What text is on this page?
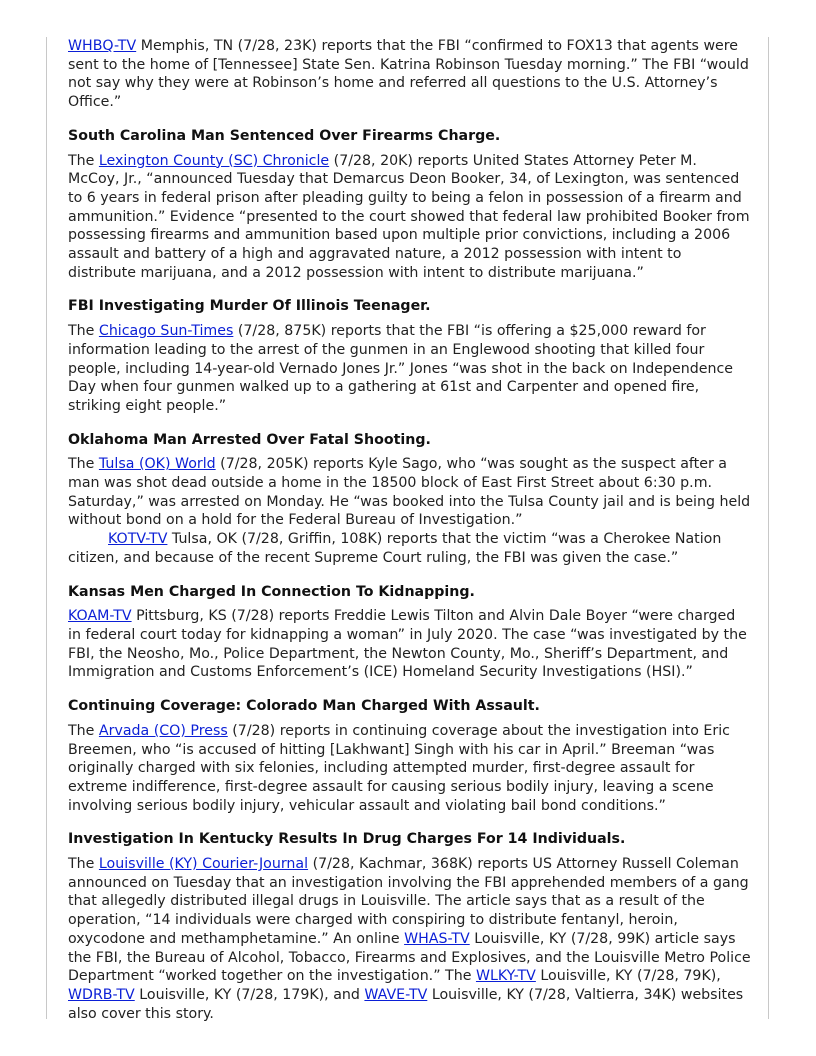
WHBQ-TV Memphis, TN (7/28, 23K) reports that the FBI “confirmed to FOX13 that agents were sent to the home of [Tennessee] State Sen. Katrina Robinson Tuesday morning.” The FBI “would not say why they were at Robinson’s home and referred all questions to the U.S. Attorney’s Office.”

South Carolina Man Sentenced Over Firearms Charge.

The Lexington County (SC) Chronicle (7/28, 20K) reports United States Attorney Peter M. McCoy, Jr., “announced Tuesday that Demarcus Deon Booker, 34, of Lexington, was sentenced to 6 years in federal prison after pleading guilty to being a felon in possession of a firearm and ammunition.” Evidence “presented to the court showed that federal law prohibited Booker from possessing firearms and ammunition based upon multiple prior convictions, including a 2006 assault and battery of a high and aggravated nature, a 2012 possession with intent to distribute marijuana, and a 2012 possession with intent to distribute marijuana.”

FBI Investigating Murder Of Illinois Teenager.

The Chicago Sun-Times (7/28, 875K) reports that the FBI “is offering a $25,000 reward for information leading to the arrest of the gunmen in an Englewood shooting that killed four people, including 14-year-old Vernado Jones Jr.” Jones “was shot in the back on Independence Day when four gunmen walked up to a gathering at 61st and Carpenter and opened fire, striking eight people.”

Oklahoma Man Arrested Over Fatal Shooting.

The Tulsa (OK) World (7/28, 205K) reports Kyle Sago, who “was sought as the suspect after a man was shot dead outside a home in the 18500 block of East First Street about 6:30 p.m. Saturday,” was arrested on Monday. He “was booked into the Tulsa County jail and is being held without bond on a hold for the Federal Bureau of Investigation.”

KOTV-TV Tulsa, OK (7/28, Griffin, 108K) reports that the victim “was a Cherokee Nation citizen, and because of the recent Supreme Court ruling, the FBI was given the case.”

Kansas Men Charged In Connection To Kidnapping.

KOAM-TV Pittsburg, KS (7/28) reports Freddie Lewis Tilton and Alvin Dale Boyer “were charged in federal court today for kidnapping a woman” in July 2020. The case “was investigated by the FBI, the Neosho, Mo., Police Department, the Newton County, Mo., Sheriff’s Department, and Immigration and Customs Enforcement’s (ICE) Homeland Security Investigations (HSI).”

Continuing Coverage: Colorado Man Charged With Assault.

The Arvada (CO) Press (7/28) reports in continuing coverage about the investigation into Eric Breemen, who “is accused of hitting [Lakhwant] Singh with his car in April.” Breeman “was originally charged with six felonies, including attempted murder, first-degree assault for extreme indifference, first-degree assault for causing serious bodily injury, leaving a scene involving serious bodily injury, vehicular assault and violating bail bond conditions.”

Investigation In Kentucky Results In Drug Charges For 14 Individuals.

The Louisville (KY) Courier-Journal (7/28, Kachmar, 368K) reports US Attorney Russell Coleman announced on Tuesday that an investigation involving the FBI apprehended members of a gang that allegedly distributed illegal drugs in Louisville. The article says that as a result of the operation, “14 individuals were charged with conspiring to distribute fentanyl, heroin, oxycodone and methamphetamine.” An online WHAS-TV Louisville, KY (7/28, 99K) article says the FBI, the Bureau of Alcohol, Tobacco, Firearms and Explosives, and the Louisville Metro Police Department “worked together on the investigation.” The WLKY-TV Louisville, KY (7/28, 79K), WDRB-TV Louisville, KY (7/28, 179K), and WAVE-TV Louisville, KY (7/28, Valtierra, 34K) websites also cover this story.
